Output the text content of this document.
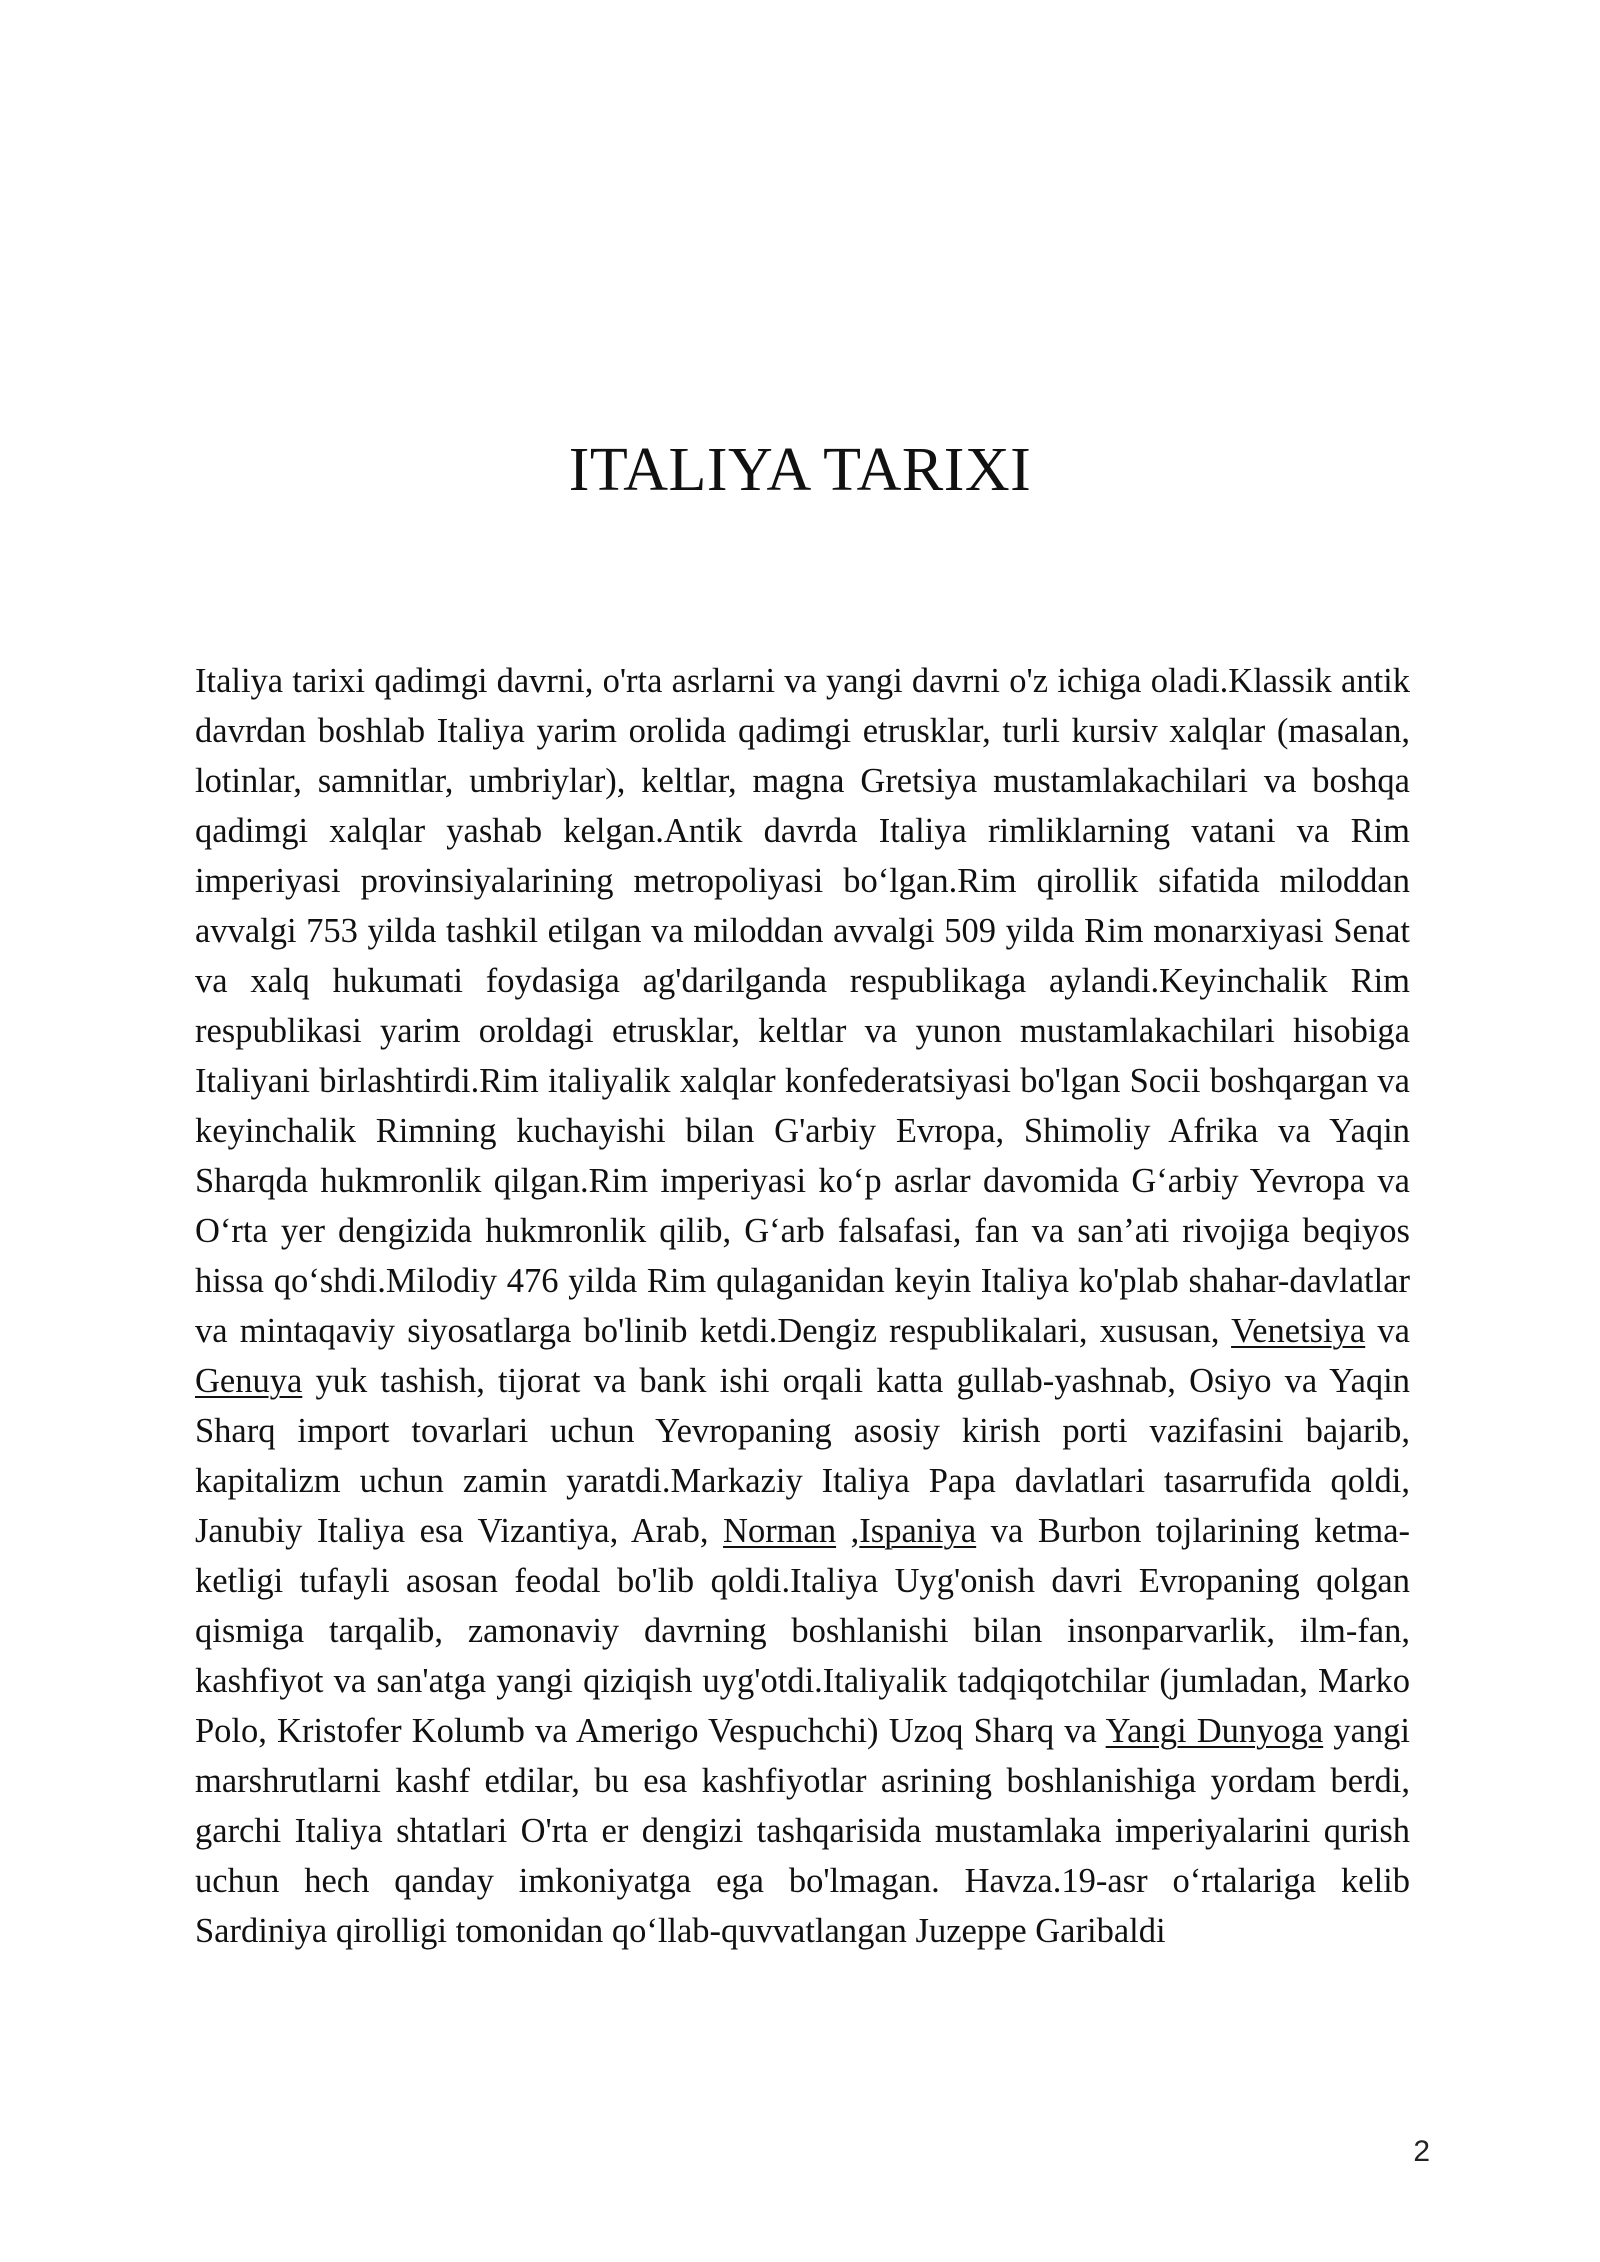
ITALIYA TARIXI

Italiya tarixi qadimgi davrni, o'rta asrlarni va yangi davrni o'z ichiga oladi.Klassik antik davrdan boshlab Italiya yarim orolida qadimgi etrusklar, turli kursiv xalqlar (masalan, lotinlar, samnitlar, umbriylar), keltlar, magna Gretsiya mustamlakachilari va boshqa qadimgi xalqlar yashab kelgan.Antik davrda Italiya rimliklarning vatani va Rim imperiyasi provinsiyalarining metropoliyasi bo‘lgan.Rim qirollik sifatida miloddan avvalgi 753 yilda tashkil etilgan va miloddan avvalgi 509 yilda Rim monarxiyasi Senat va xalq hukumati foydasiga ag'darilganda respublikaga aylandi.Keyinchalik Rim respublikasi yarim oroldagi etrusklar, keltlar va yunon mustamlakachilari hisobiga Italiyani birlashtirdi.Rim italiyalik xalqlar konfederatsiyasi bo'lgan Socii boshqargan va keyinchalik Rimning kuchayishi bilan G'arbiy Evropa, Shimoliy Afrika va Yaqin Sharqda hukmronlik qilgan.Rim imperiyasi ko‘p asrlar davomida G‘arbiy Yevropa va O‘rta yer dengizida hukmronlik qilib, G‘arb falsafasi, fan va san’ati rivojiga beqiyos hissa qo‘shdi.Milodiy 476 yilda Rim qulaganidan keyin Italiya ko'plab shahar-davlatlar va mintaqaviy siyosatlarga bo'linib ketdi.Dengiz respublikalari, xususan, Venetsiya va Genuya yuk tashish, tijorat va bank ishi orqali katta gullab-yashnab, Osiyo va Yaqin Sharq import tovarlari uchun Yevropaning asosiy kirish porti vazifasini bajarib, kapitalizm uchun zamin yaratdi.Markaziy Italiya Papa davlatlari tasarrufida qoldi, Janubiy Italiya esa Vizantiya, Arab, Norman ,Ispaniya va Burbon tojlarining ketma-ketligi tufayli asosan feodal bo'lib qoldi.Italiya Uyg'onish davri Evropaning qolgan qismiga tarqalib, zamonaviy davrning boshlanishi bilan insonparvarlik, ilm-fan, kashfiyot va san'atga yangi qiziqish uyg'otdi.Italiyalik tadqiqotchilar (jumladan, Marko Polo, Kristofer Kolumb va Amerigo Vespuchchi) Uzoq Sharq va Yangi Dunyoga yangi marshrutlarni kashf etdilar, bu esa kashfiyotlar asrining boshlanishiga yordam berdi, garchi Italiya shtatlari O'rta er dengizi tashqarisida mustamlaka imperiyalarini qurish uchun hech qanday imkoniyatga ega bo'lmagan. Havza.19-asr o‘rtalariga kelib Sardiniya qirolligi tomonidan qo‘llab-quvvatlangan Juzeppe Garibaldi

2
